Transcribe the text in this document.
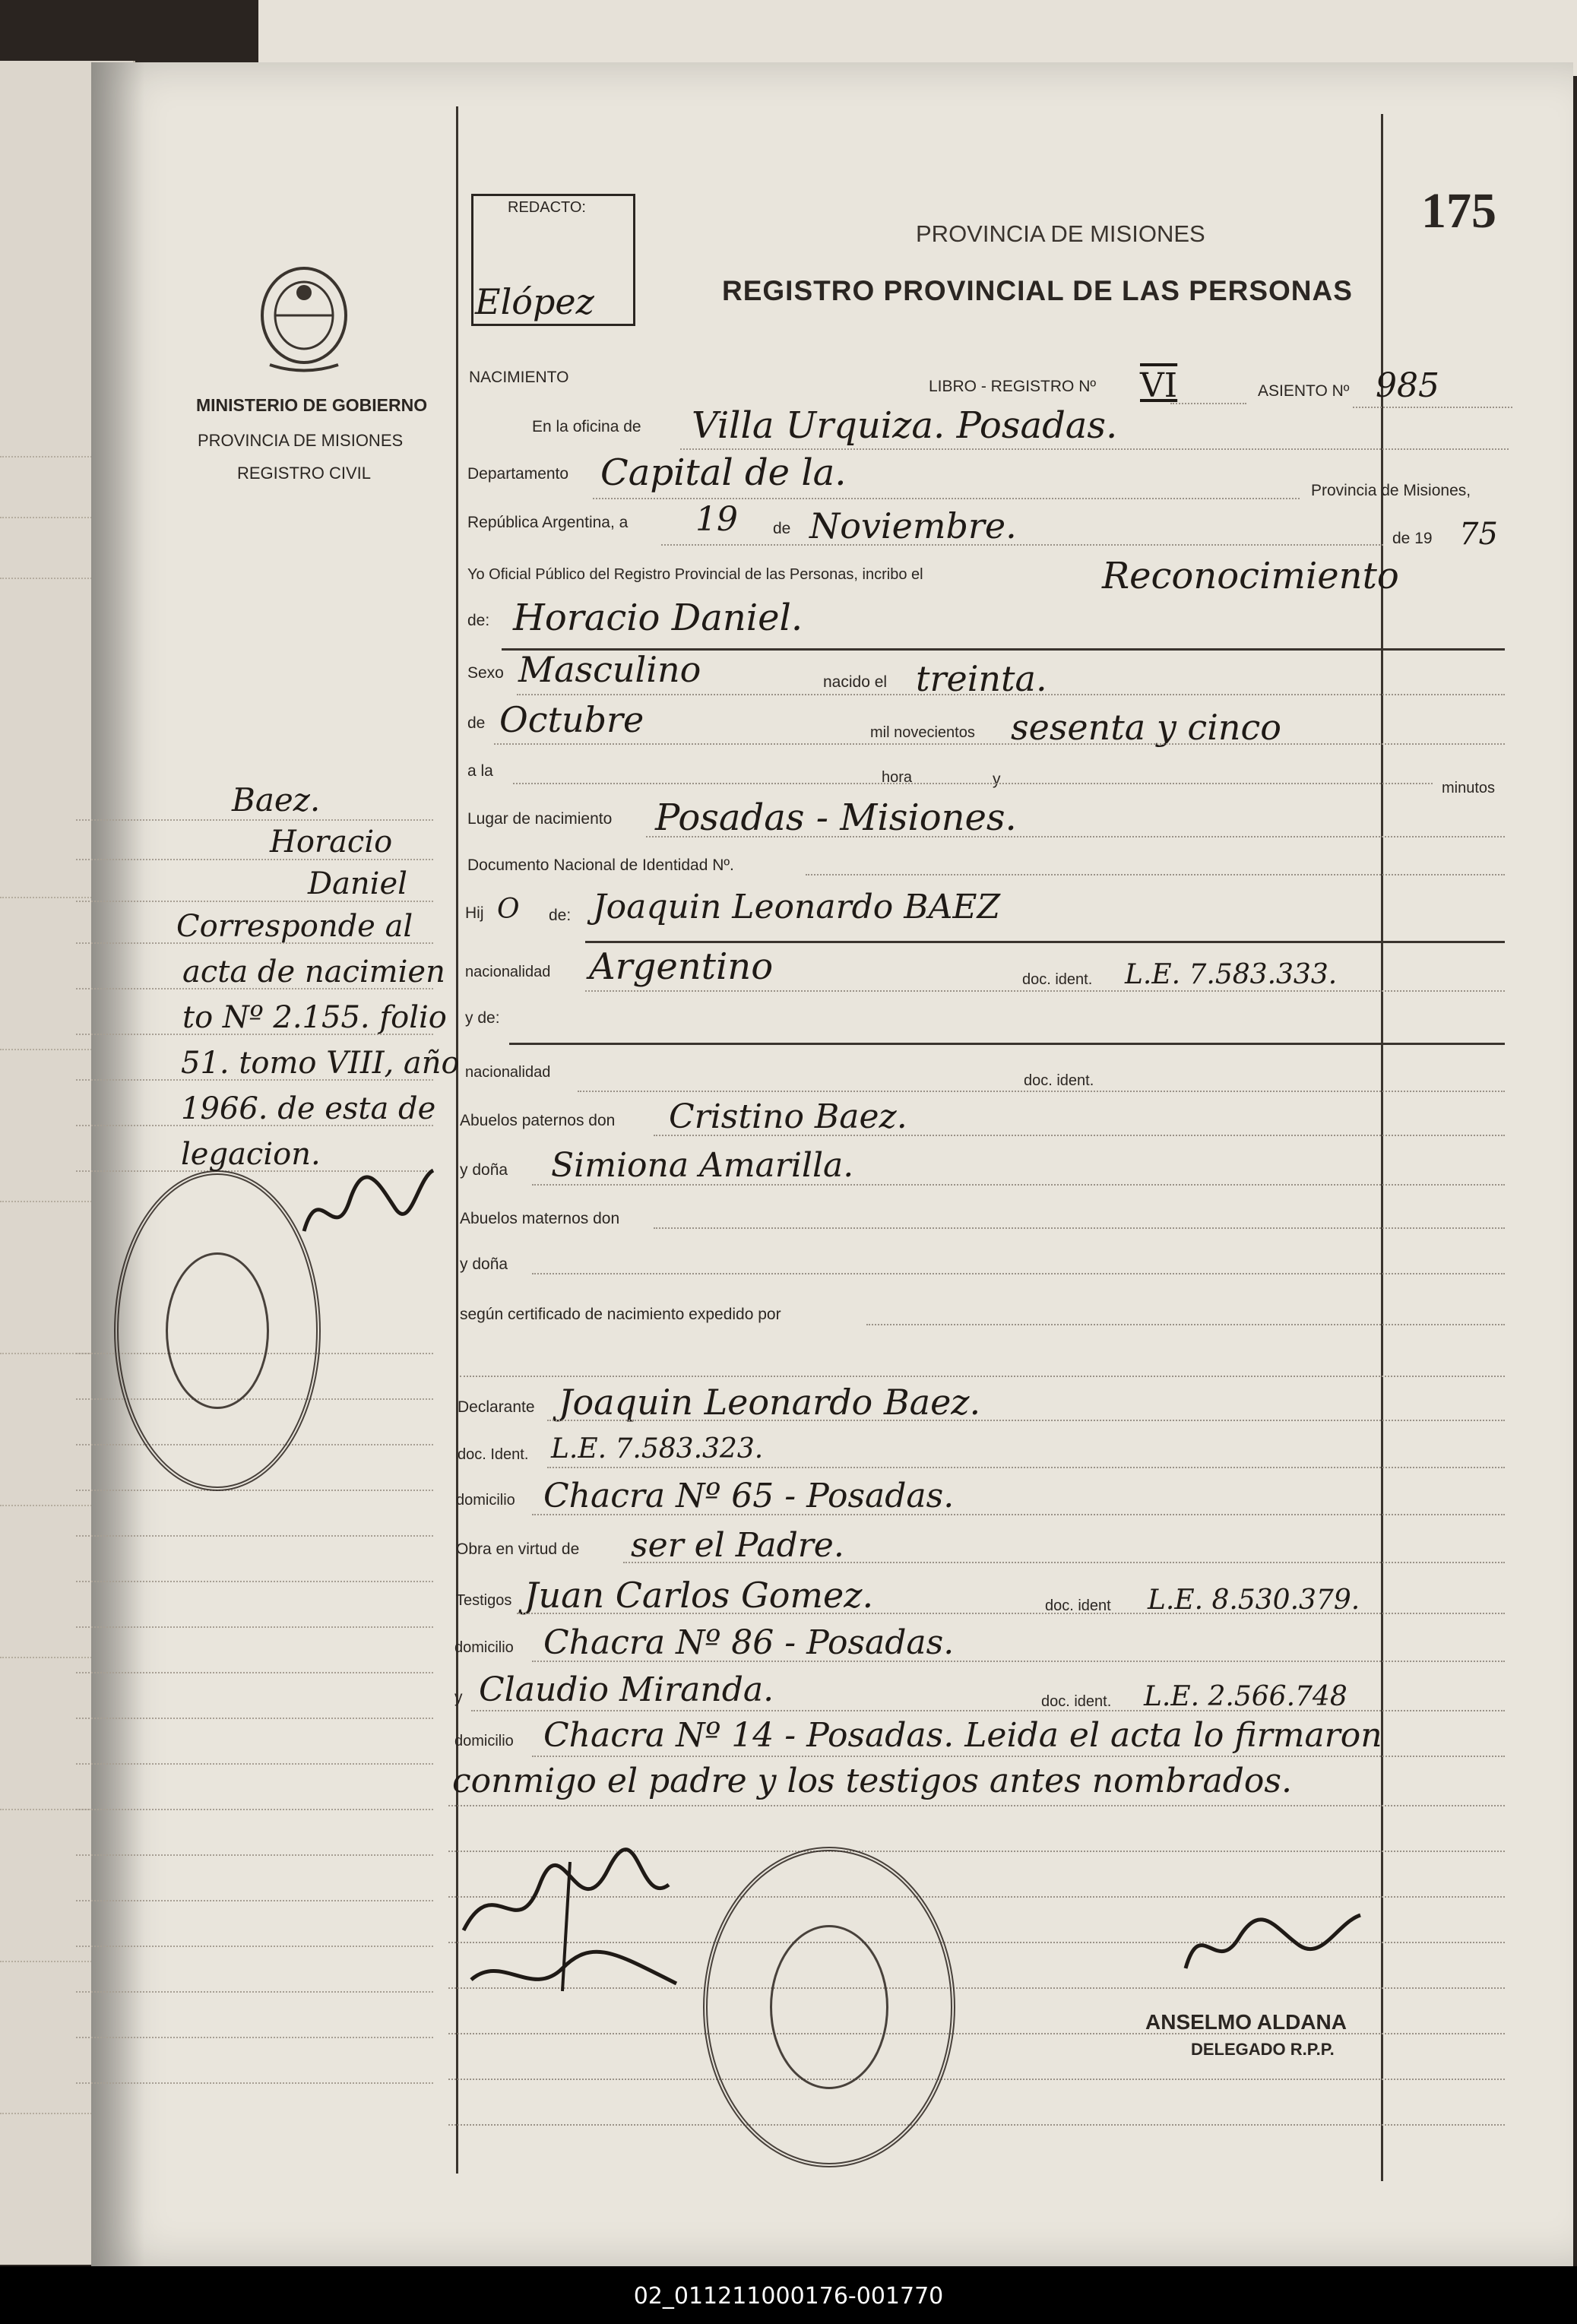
175
REDACTO:
Elópez
PROVINCIA DE MISIONES
REGISTRO PROVINCIAL DE LAS PERSONAS
MINISTERIO DE GOBIERNO
PROVINCIA DE MISIONES
REGISTRO CIVIL
NACIMIENTO
LIBRO - REGISTRO Nº VI	ASIENTO Nº 985
En la oficina de Villa Urquiza. Posadas.
Departamento Capital de la.	Provincia de Misiones,
República Argentina, a 19 de Noviembre.	de 19 75
Yo Oficial Público del Registro Provincial de las Personas, incribo el	Reconocimiento
de: Horacio Daniel.
Sexo Masculino	nacido el treinta.
de Octubre	mil novecientos sesenta y cinco
a la	hora	y	minutos
Lugar de nacimiento Posadas - Misiones.
Documento Nacional de Identidad Nº.
Hij O de: Joaquin Leonardo BAEZ
nacionalidad Argentino	doc. ident. L.E. 7.583.333.
y de:
nacionalidad	doc. ident.
Abuelos paternos don Cristino Baez.
y doña Simiona Amarilla.
Abuelos maternos don
y doña
según certificado de nacimiento expedido por
Declarante Joaquin Leonardo Baez.
doc. Ident. L.E. 7.583.323.
domicilio Chacra Nº 65 - Posadas.
Obra en virtud de ser el Padre.
Testigos Juan Carlos Gomez.	doc. ident L.E. 8.530.379.
domicilio Chacra Nº 86 - Posadas.
y Claudio Miranda.	doc. ident. L.E. 2.566.748
domicilio Chacra Nº 14 - Posadas. Leida el acta lo firmaron
conmigo el padre y los testigos antes nombrados.
Baez.
Horacio
Daniel
Corresponde al
acta de nacimien
to Nº 2.155. folio
51. tomo VIII, año
1966. de esta de
legacion.
ANSELMO ALDANA
DELEGADO R.P.P.
02_011211000176-001770
